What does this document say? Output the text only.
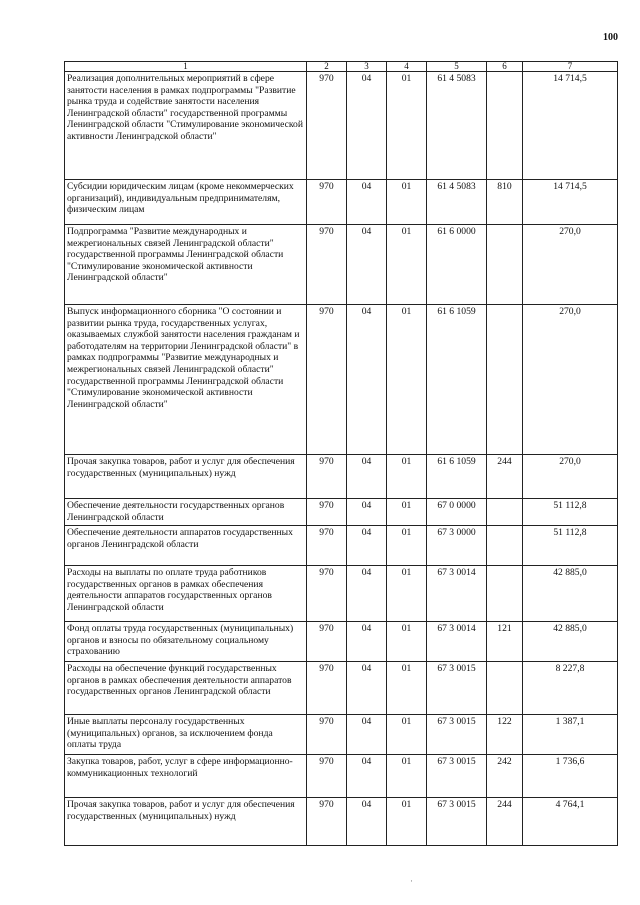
100
1	2	3	4	5	6	7
Реализация дополнительных мероприятий в сфере занятости населения в рамках подпрограммы "Развитие рынка труда и содействие занятости населения Ленинградской области" государственной программы Ленинградской области "Стимулирование экономической активности Ленинградской области"	970	04	01	61 4 5083		14 714,5
Субсидии юридическим лицам (кроме некоммерческих организаций), индивидуальным предпринимателям, физическим лицам	970	04	01	61 4 5083	810	14 714,5
Подпрограмма "Развитие международных и межрегиональных связей Ленинградской области" государственной программы Ленинградской области "Стимулирование экономической активности Ленинградской области"	970	04	01	61 6 0000		270,0
Выпуск информационного сборника "О состоянии и развитии рынка труда, государственных услугах, оказываемых службой занятости населения гражданам и работодателям на территории Ленинградской области" в рамках подпрограммы "Развитие международных и межрегиональных связей Ленинградской области" государственной программы Ленинградской области "Стимулирование экономической активности Ленинградской области"	970	04	01	61 6 1059		270,0
Прочая закупка товаров, работ и услуг для обеспечения государственных (муниципальных) нужд	970	04	01	61 6 1059	244	270,0
Обеспечение деятельности государственных органов Ленинградской области	970	04	01	67 0 0000		51 112,8
Обеспечение деятельности аппаратов государственных органов Ленинградской области	970	04	01	67 3 0000		51 112,8
Расходы на выплаты по оплате труда работников государственных органов в рамках обеспечения деятельности аппаратов государственных органов Ленинградской области	970	04	01	67 3 0014		42 885,0
Фонд оплаты труда государственных (муниципальных) органов и взносы по обязательному социальному страхованию	970	04	01	67 3 0014	121	42 885,0
Расходы на обеспечение функций государственных органов в рамках обеспечения деятельности аппаратов государственных органов Ленинградской области	970	04	01	67 3 0015		8 227,8
Иные выплаты персоналу государственных (муниципальных) органов, за исключением фонда оплаты труда	970	04	01	67 3 0015	122	1 387,1
Закупка товаров, работ, услуг в сфере информационно-коммуникационных технологий	970	04	01	67 3 0015	242	1 736,6
Прочая закупка товаров, работ и услуг для обеспечения государственных (муниципальных) нужд	970	04	01	67 3 0015	244	4 764,1
·
